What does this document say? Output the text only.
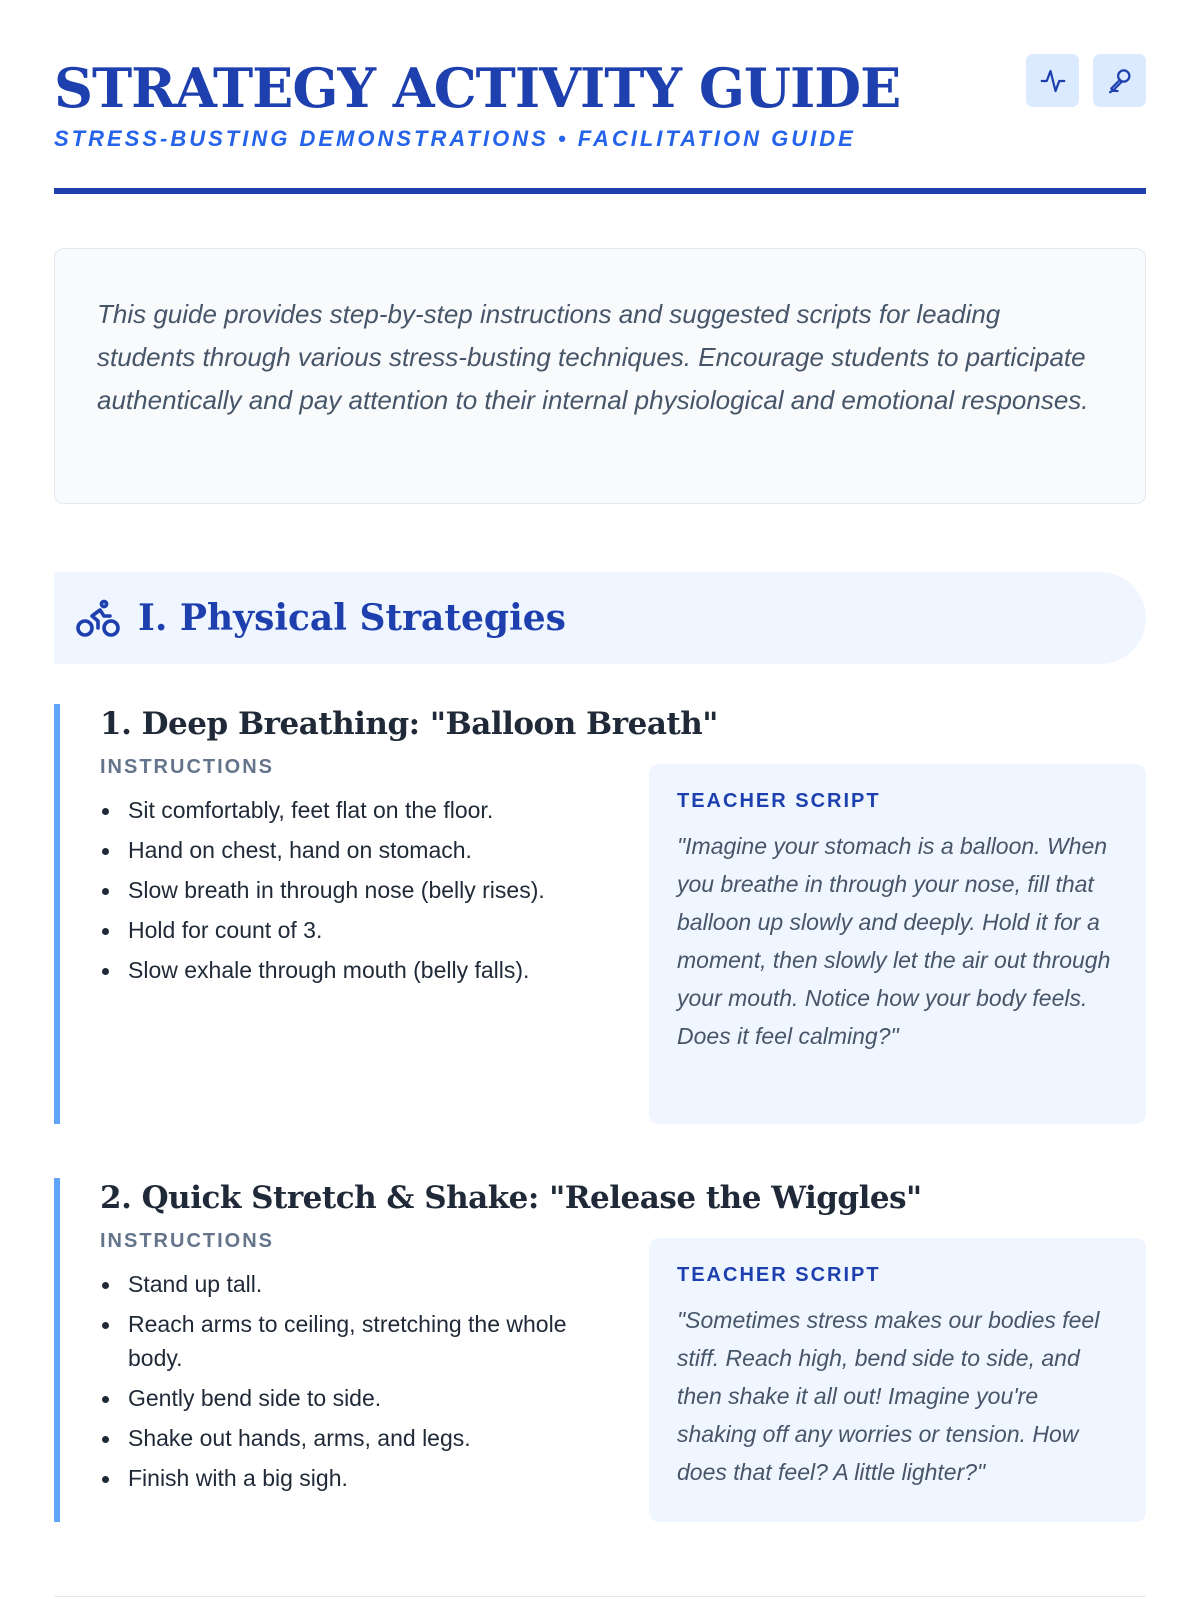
STRATEGY ACTIVITY GUIDE
STRESS-BUSTING DEMONSTRATIONS • FACILITATION GUIDE

This guide provides step-by-step instructions and suggested scripts for leading students through various stress-busting techniques. Encourage students to participate authentically and pay attention to their internal physiological and emotional responses.

I. Physical Strategies
1. Deep Breathing: "Balloon Breath"
INSTRUCTIONS
Sit comfortably, feet flat on the floor.
Hand on chest, hand on stomach.
Slow breath in through nose (belly rises).
Hold for count of 3.
Slow exhale through mouth (belly falls).
TEACHER SCRIPT

"Imagine your stomach is a balloon. When you breathe in through your nose, fill that balloon up slowly and deeply. Hold it for a moment, then slowly let the air out through your mouth. Notice how your body feels. Does it feel calming?"

2. Quick Stretch & Shake: "Release the Wiggles"
INSTRUCTIONS
Stand up tall.
Reach arms to ceiling, stretching the whole body.
Gently bend side to side.
Shake out hands, arms, and legs.
Finish with a big sigh.
TEACHER SCRIPT

"Sometimes stress makes our bodies feel stiff. Reach high, bend side to side, and then shake it all out! Imagine you're shaking off any worries or tension. How does that feel? A little lighter?"
